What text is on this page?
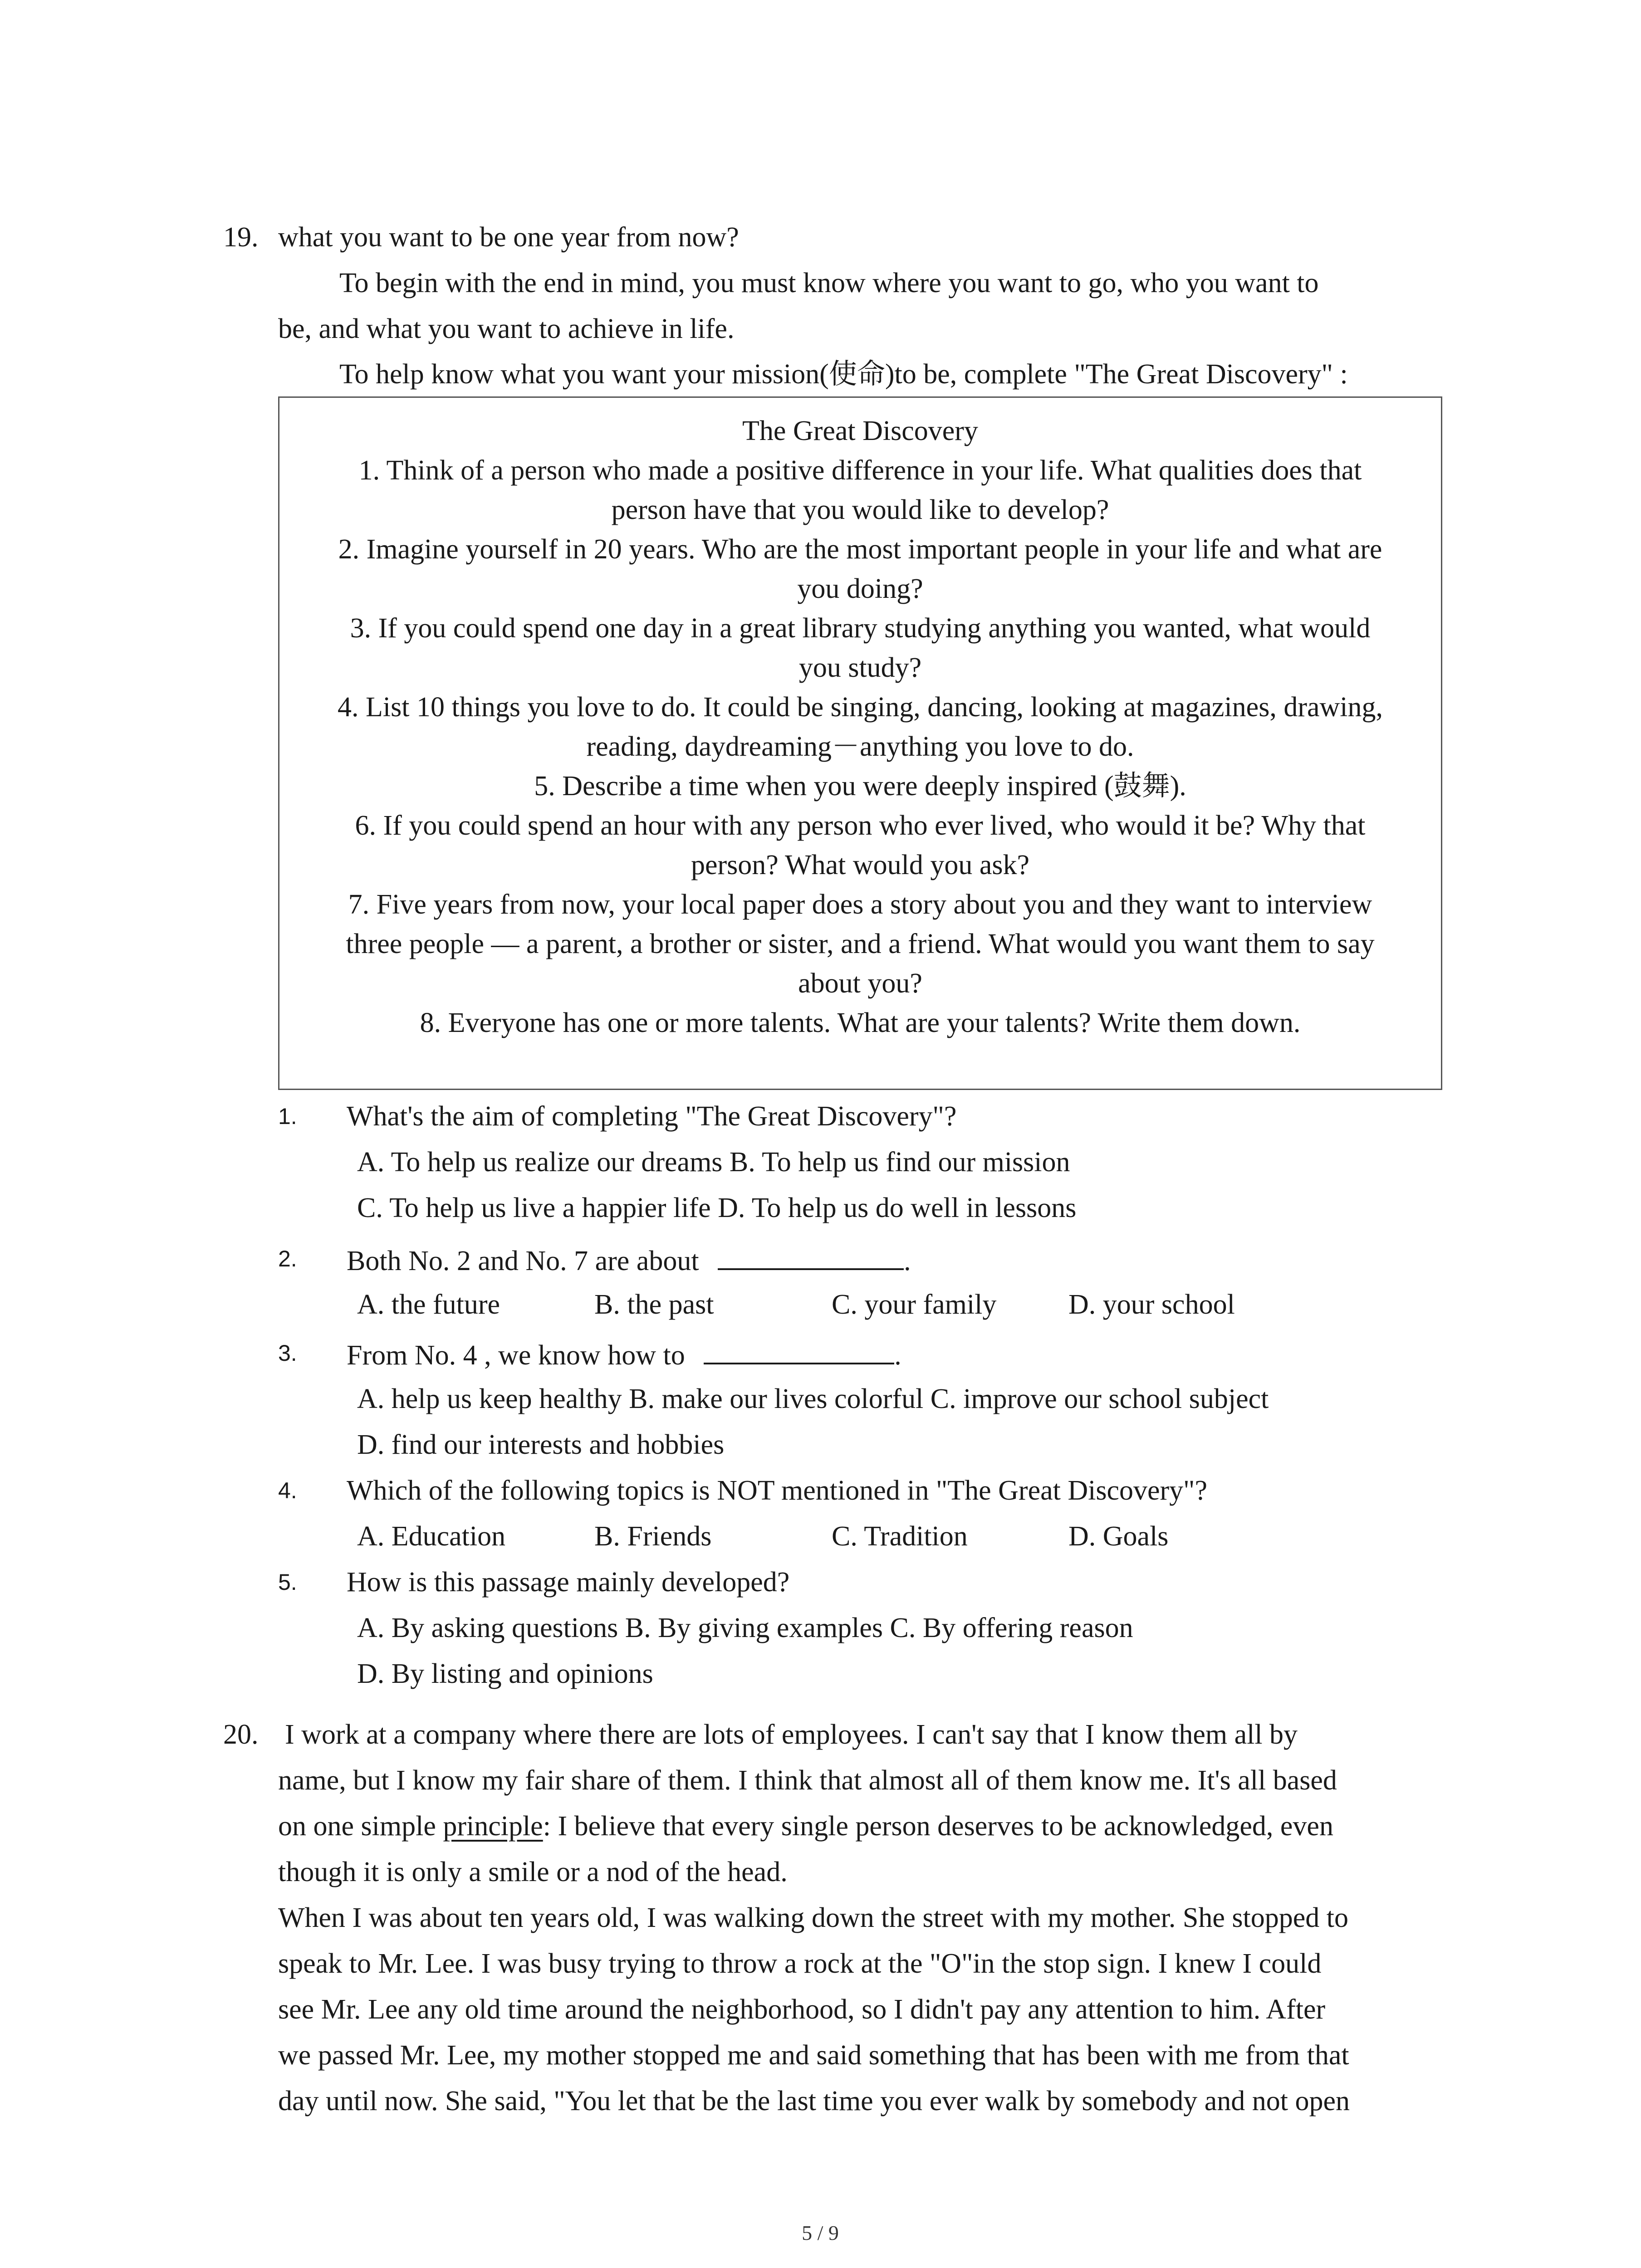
19. what you want to be one year from now?
To begin with the end in mind, you must know where you want to go, who you want to
be, and what you want to achieve in life.
To help know what you want your mission(使命)to be, complete "The Great Discovery" :
The Great Discovery
1. Think of a person who made a positive difference in your life. What qualities does that
person have that you would like to develop?
2. Imagine yourself in 20 years. Who are the most important people in your life and what are
you doing?
3. If you could spend one day in a great library studying anything you wanted, what would
you study?
4. List 10 things you love to do. It could be singing, dancing, looking at magazines, drawing,
reading, daydreaming－anything you love to do.
5. Describe a time when you were deeply inspired (鼓舞).
6. If you could spend an hour with any person who ever lived, who would it be? Why that
person? What would you ask?
7. Five years from now, your local paper does a story about you and they want to interview
three people — a parent, a brother or sister, and a friend. What would you want them to say
about you?
8. Everyone has one or more talents. What are your talents? Write them down.
1. What's the aim of completing "The Great Discovery"?
A. To help us realize our dreams B. To help us find our mission
C. To help us live a happier life D. To help us do well in lessons
2. Both No. 2 and No. 7 are about	.
A. the future	B. the past	C. your family	D. your school
3. From No. 4 , we know how to	.
A. help us keep healthy B. make our lives colorful C. improve our school subject
D. find our interests and hobbies
4. Which of the following topics is NOT mentioned in "The Great Discovery"?
A. Education	B. Friends	C. Tradition	D. Goals
5. How is this passage mainly developed?
A. By asking questions B. By giving examples C. By offering reason
D. By listing and opinions
20. I work at a company where there are lots of employees. I can't say that I know them all by
name, but I know my fair share of them. I think that almost all of them know me. It's all based
on one simple principle: I believe that every single person deserves to be acknowledged, even
though it is only a smile or a nod of the head.
When I was about ten years old, I was walking down the street with my mother. She stopped to
speak to Mr. Lee. I was busy trying to throw a rock at the "O"in the stop sign. I knew I could
see Mr. Lee any old time around the neighborhood, so I didn't pay any attention to him. After
we passed Mr. Lee, my mother stopped me and said something that has been with me from that
day until now. She said, "You let that be the last time you ever walk by somebody and not open
5 / 9
